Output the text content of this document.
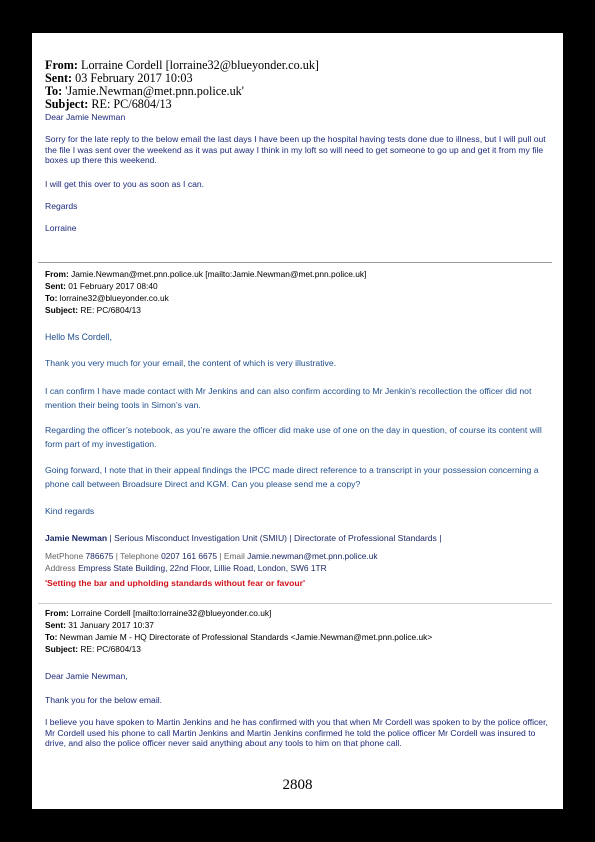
From: Lorraine Cordell [lorraine32@blueyonder.co.uk]
Sent: 03 February 2017 10:03
To: 'Jamie.Newman@met.pnn.police.uk'
Subject: RE: PC/6804/13
Dear Jamie Newman
Sorry for the late reply to the below email the last days I have been up the hospital having tests done due to illness, but I will pull out the file I was sent over the weekend as it was put away I think in my loft so will need to get someone to go up and get it from my file boxes up there this weekend.
I will get this over to you as soon as I can.
Regards
Lorraine
From: Jamie.Newman@met.pnn.police.uk [mailto:Jamie.Newman@met.pnn.police.uk]
Sent: 01 February 2017 08:40
To: lorraine32@blueyonder.co.uk
Subject: RE: PC/6804/13
Hello Ms Cordell,
Thank you very much for your email, the content of which is very illustrative.
I can confirm I have made contact with Mr Jenkins and can also confirm according to Mr Jenkin’s recollection the officer did not mention their being tools in Simon’s van.
Regarding the officer’s notebook, as you’re aware the officer did make use of one on the day in question, of course its content will form part of my investigation.
Going forward, I note that in their appeal findings the IPCC made direct reference to a transcript in your possession concerning a phone call between Broadsure Direct and KGM. Can you please send me a copy?
Kind regards
Jamie Newman | Serious Misconduct Investigation Unit (SMIU) | Directorate of Professional Standards |
MetPhone 786675 | Telephone 0207 161 6675 | Email Jamie.newman@met.pnn.police.uk
Address Empress State Building, 22nd Floor, Lillie Road, London, SW6 1TR
'Setting the bar and upholding standards without fear or favour'
From: Lorraine Cordell [mailto:lorraine32@blueyonder.co.uk]
Sent: 31 January 2017 10:37
To: Newman Jamie M - HQ Directorate of Professional Standards <Jamie.Newman@met.pnn.police.uk>
Subject: RE: PC/6804/13
Dear Jamie Newman,
Thank you for the below email.
I believe you have spoken to Martin Jenkins and he has confirmed with you that when Mr Cordell was spoken to by the police officer, Mr Cordell used his phone to call Martin Jenkins and Martin Jenkins confirmed he told the police officer Mr Cordell was insured to drive, and also the police officer never said anything about any tools to him on that phone call.
2808
